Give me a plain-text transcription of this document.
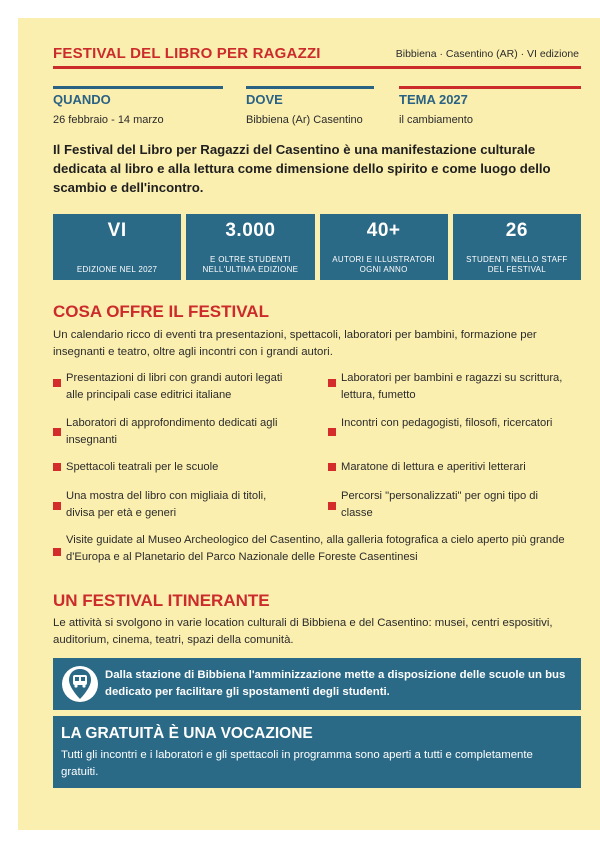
FESTIVAL DEL LIBRO PER RAGAZZI	Bibbiena · Casentino (AR) · VI edizione
QUANDO
26 febbraio - 14 marzo
DOVE
Bibbiena (Ar) Casentino
TEMA 2027
il cambiamento
Il Festival del Libro per Ragazzi del Casentino è una manifestazione culturale dedicata al libro e alla lettura come dimensione dello spirito e come luogo dello scambio e dell'incontro.
VI
EDIZIONE NEL 2027
3.000
E OLTRE STUDENTI NELL'ULTIMA EDIZIONE
40+
AUTORI E ILLUSTRATORI OGNI ANNO
26
STUDENTI NELLO STAFF DEL FESTIVAL
COSA OFFRE IL FESTIVAL
Un calendario ricco di eventi tra presentazioni, spettacoli, laboratori per bambini, formazione per insegnanti e teatro, oltre agli incontri con i grandi autori.
Presentazioni di libri con grandi autori legati alle principali case editrici italiane
Laboratori di approfondimento dedicati agli insegnanti
Spettacoli teatrali per le scuole
Una mostra del libro con migliaia di titoli, divisa per età e generi
Laboratori per bambini e ragazzi su scrittura, lettura, fumetto
Incontri con pedagogisti, filosofi, ricercatori
Maratone di lettura e aperitivi letterari
Percorsi "personalizzati" per ogni tipo di classe
Visite guidate al Museo Archeologico del Casentino, alla galleria fotografica a cielo aperto più grande d'Europa e al Planetario del Parco Nazionale delle Foreste Casentinesi
UN FESTIVAL ITINERANTE
Le attività si svolgono in varie location culturali di Bibbiena e del Casentino: musei, centri espositivi, auditorium, cinema, teatri, spazi della comunità.
Dalla stazione di Bibbiena l'amminizzazione mette a disposizione delle scuole un bus dedicato per facilitare gli spostamenti degli studenti.
LA GRATUITÀ È UNA VOCAZIONE
Tutti gli incontri e i laboratori e gli spettacoli in programma sono aperti a tutti e completamente gratuiti.
